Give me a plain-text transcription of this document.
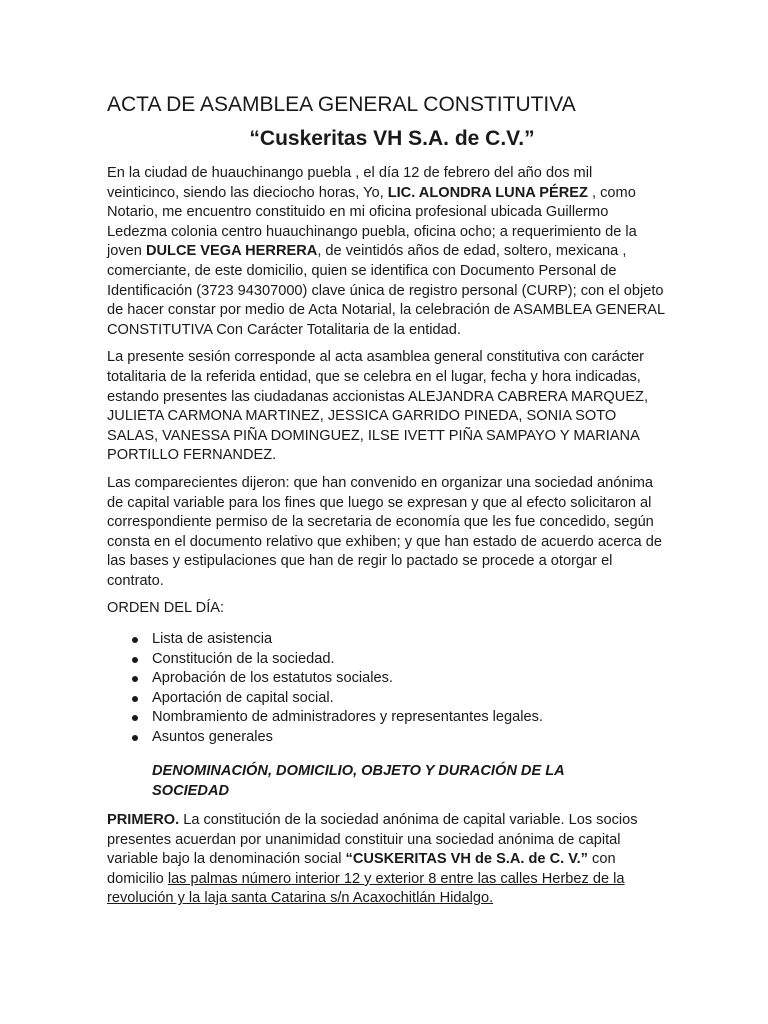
ACTA DE ASAMBLEA GENERAL CONSTITUTIVA
“Cuskeritas VH S.A. de C.V.”

En la ciudad de huauchinango puebla , el día 12 de febrero del año dos mil veinticinco, siendo las dieciocho horas, Yo, LIC. ALONDRA LUNA PÉREZ , como Notario, me encuentro constituido en mi oficina profesional ubicada Guillermo Ledezma colonia centro huauchinango puebla, oficina ocho; a requerimiento de la joven DULCE VEGA HERRERA, de veintidós años de edad, soltero, mexicana , comerciante, de este domicilio, quien se identifica con Documento Personal de Identificación (3723 94307000) clave única de registro personal (CURP); con el objeto de hacer constar por medio de Acta Notarial, la celebración de ASAMBLEA GENERAL CONSTITUTIVA Con Carácter Totalitaria de la entidad.

La presente sesión corresponde al acta asamblea general constitutiva con carácter totalitaria de la referida entidad, que se celebra en el lugar, fecha y hora indicadas, estando presentes las ciudadanas accionistas ALEJANDRA CABRERA MARQUEZ, JULIETA CARMONA MARTINEZ, JESSICA GARRIDO PINEDA, SONIA SOTO SALAS, VANESSA PIÑA DOMINGUEZ, ILSE IVETT PIÑA SAMPAYO Y MARIANA PORTILLO FERNANDEZ.

Las comparecientes dijeron: que han convenido en organizar una sociedad anónima de capital variable para los fines que luego se expresan y que al efecto solicitaron al correspondiente permiso de la secretaria de economía que les fue concedido, según consta en el documento relativo que exhiben; y que han estado de acuerdo acerca de las bases y estipulaciones que han de regir lo pactado se procede a otorgar el contrato.

ORDEN DEL DÍA:

Lista de asistencia
Constitución de la sociedad.
Aprobación de los estatutos sociales.
Aportación de capital social.
Nombramiento de administradores y representantes legales.
Asuntos generales
DENOMINACIÓN, DOMICILIO, OBJETO Y DURACIÓN DE LA SOCIEDAD

PRIMERO. La constitución de la sociedad anónima de capital variable. Los socios presentes acuerdan por unanimidad constituir una sociedad anónima de capital variable bajo la denominación social “CUSKERITAS VH de S.A. de C. V.” con domicilio las palmas número interior 12 y exterior 8 entre las calles Herbez de la revolución y la laja santa Catarina s/n Acaxochitlán Hidalgo.
